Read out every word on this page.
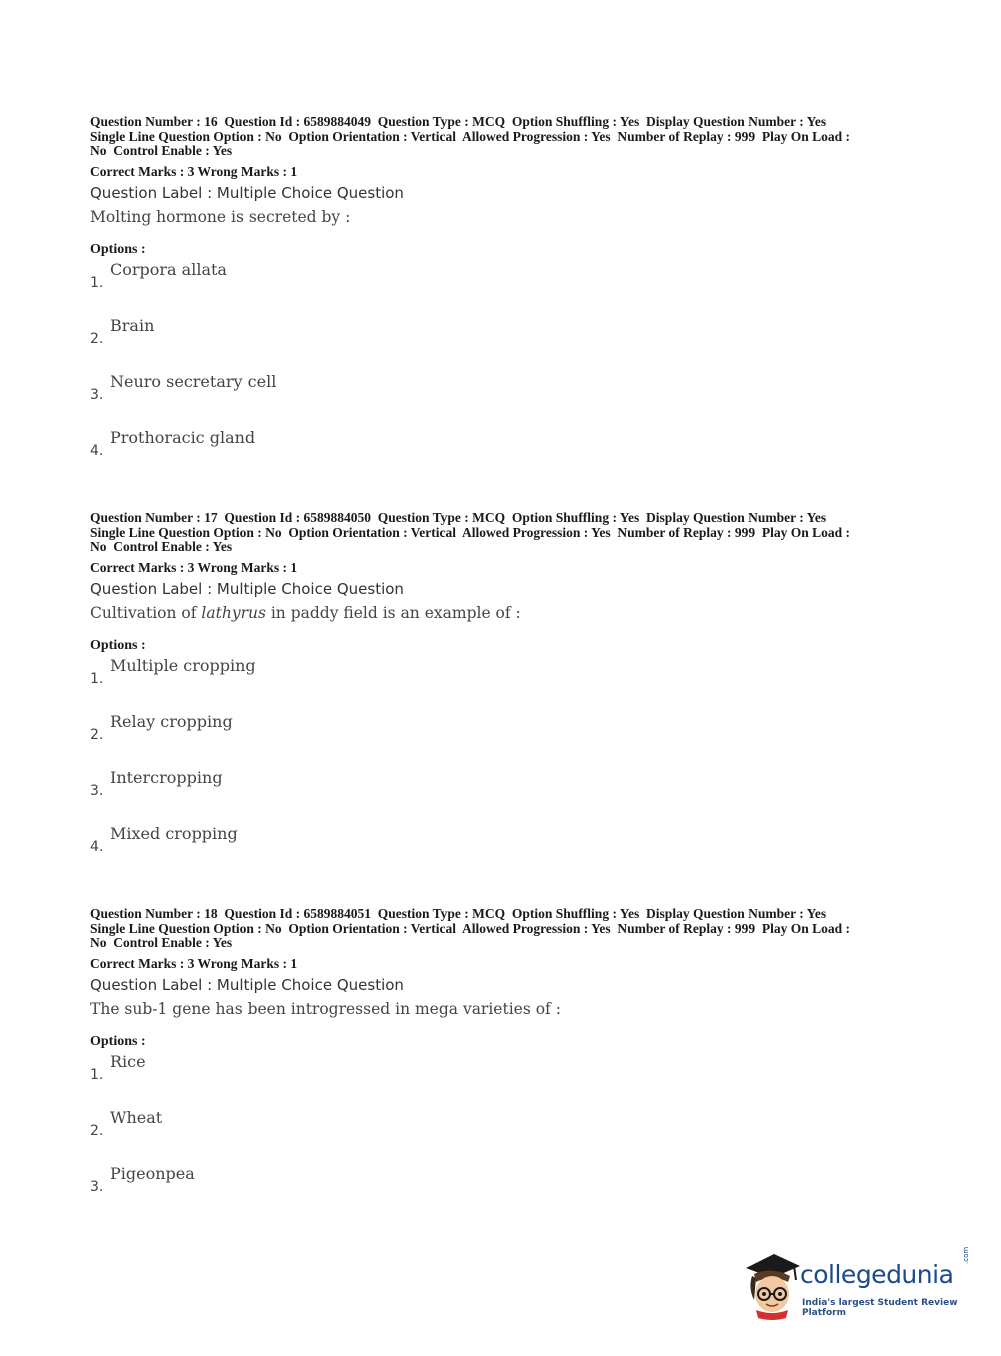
Question Number : 16  Question Id : 6589884049  Question Type : MCQ  Option Shuffling : Yes  Display Question Number : Yes
Single Line Question Option : No  Option Orientation : Vertical  Allowed Progression : Yes  Number of Replay : 999  Play On Load :
No  Control Enable : Yes
Correct Marks : 3 Wrong Marks : 1
Question Label : Multiple Choice Question
Molting hormone is secreted by :
Options :
1.
Corpora allata
2.
Brain
3.
Neuro secretary cell
4.
Prothoracic gland
Question Number : 17  Question Id : 6589884050  Question Type : MCQ  Option Shuffling : Yes  Display Question Number : Yes
Single Line Question Option : No  Option Orientation : Vertical  Allowed Progression : Yes  Number of Replay : 999  Play On Load :
No  Control Enable : Yes
Correct Marks : 3 Wrong Marks : 1
Question Label : Multiple Choice Question
Cultivation of lathyrus in paddy field is an example of :
Options :
1.
Multiple cropping
2.
Relay cropping
3.
Intercropping
4.
Mixed cropping
Question Number : 18  Question Id : 6589884051  Question Type : MCQ  Option Shuffling : Yes  Display Question Number : Yes
Single Line Question Option : No  Option Orientation : Vertical  Allowed Progression : Yes  Number of Replay : 999  Play On Load :
No  Control Enable : Yes
Correct Marks : 3 Wrong Marks : 1
Question Label : Multiple Choice Question
The sub-1 gene has been introgressed in mega varieties of :
Options :
1.
Rice
2.
Wheat
3.
Pigeonpea
collegedunia
.com
India's largest Student Review Platform
